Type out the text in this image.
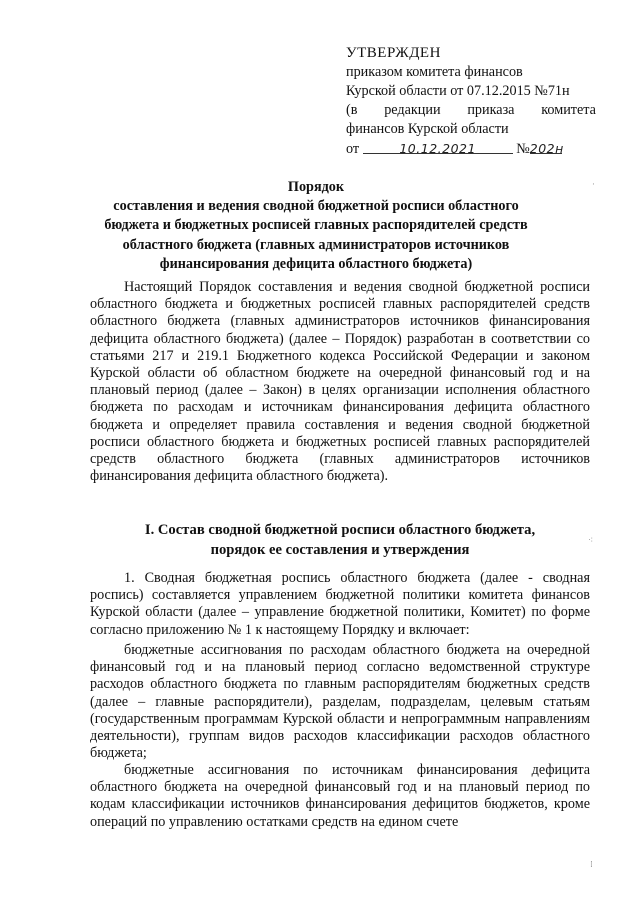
УТВЕРЖДЕН
приказом комитета финансов
Курской области от 07.12.2015 №71н
(в редакции приказа комитета
финансов Курской области
от	10.12.2021	№202н
Порядок
составления и ведения сводной бюджетной росписи областного
бюджета и бюджетных росписей главных распорядителей средств
областного бюджета (главных администраторов источников
финансирования дефицита областного бюджета)
Настоящий Порядок составления и ведения сводной бюджетной росписи областного бюджета и бюджетных росписей главных распорядителей средств областного бюджета (главных администраторов источников финансирования дефицита областного бюджета) (далее – Порядок) разработан в соответствии со статьями 217 и 219.1 Бюджетного кодекса Российской Федерации и законом Курской области об областном бюджете на очередной финансовый год и на плановый период (далее – Закон) в целях организации исполнения областного бюджета по расходам и источникам финансирования дефицита областного бюджета и определяет правила составления и ведения сводной бюджетной росписи областного бюджета и бюджетных росписей главных распорядителей средств областного бюджета (главных администраторов источников финансирования дефицита областного бюджета).
I. Состав сводной бюджетной росписи областного бюджета,
порядок ее составления и утверждения
1. Сводная бюджетная роспись областного бюджета (далее - сводная роспись) составляется управлением бюджетной политики комитета финансов Курской области (далее – управление бюджетной политики, Комитет) по форме согласно приложению № 1 к настоящему Порядку и включает:
бюджетные ассигнования по расходам областного бюджета на очередной финансовый год и на плановый период согласно ведомственной структуре расходов областного бюджета по главным распорядителям бюджетных средств (далее – главные распорядители), разделам, подразделам, целевым статьям (государственным программам Курской области и непрограммным направлениям деятельности), группам видов расходов классификации расходов областного бюджета;
бюджетные ассигнования по источникам финансирования дефицита областного бюджета на очередной финансовый год и на плановый период по кодам классификации источников финансирования дефицитов бюджетов, кроме операций по управлению остатками средств на едином счете
·
⁖
⁞
